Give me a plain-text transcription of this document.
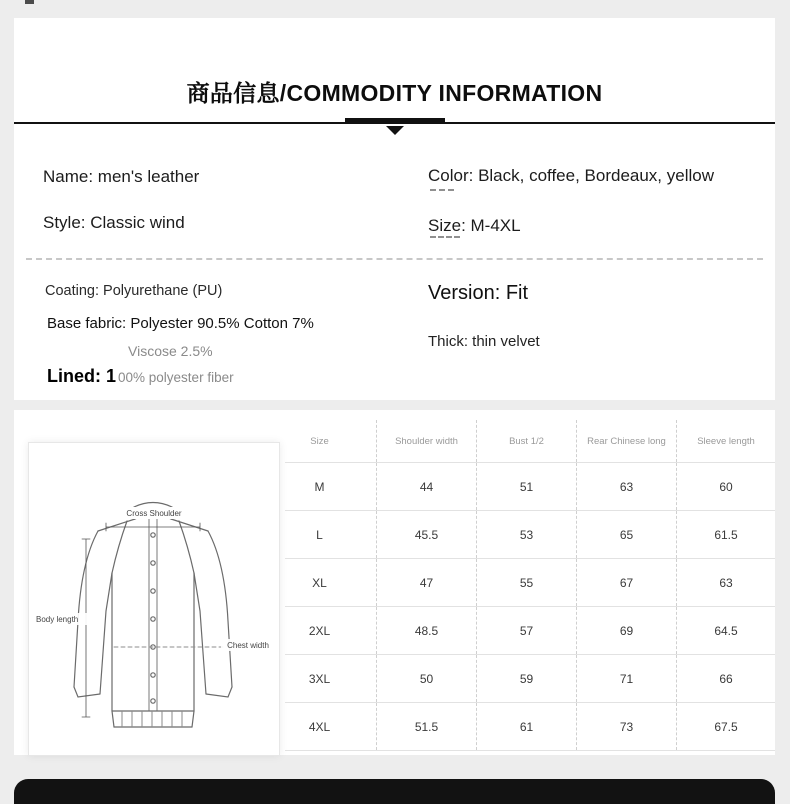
商品信息/COMMODITY INFORMATION
Name: men's leather
Style: Classic wind
Color: Black, coffee, Bordeaux, yellow
Size: M-4XL
Coating: Polyurethane (PU)
Base fabric: Polyester 90.5% Cotton 7%
Viscose 2.5%
Lined: 1 00% polyester fiber
Version: Fit
Thick: thin velvet
Cross Shoulder
Body length
Chest width
Size	Shoulder width	Bust 1/2	Rear Chinese long	Sleeve length
M	44	51	63	60
L	45.5	53	65	61.5
XL	47	55	67	63
2XL	48.5	57	69	64.5
3XL	50	59	71	66
4XL	51.5	61	73	67.5
